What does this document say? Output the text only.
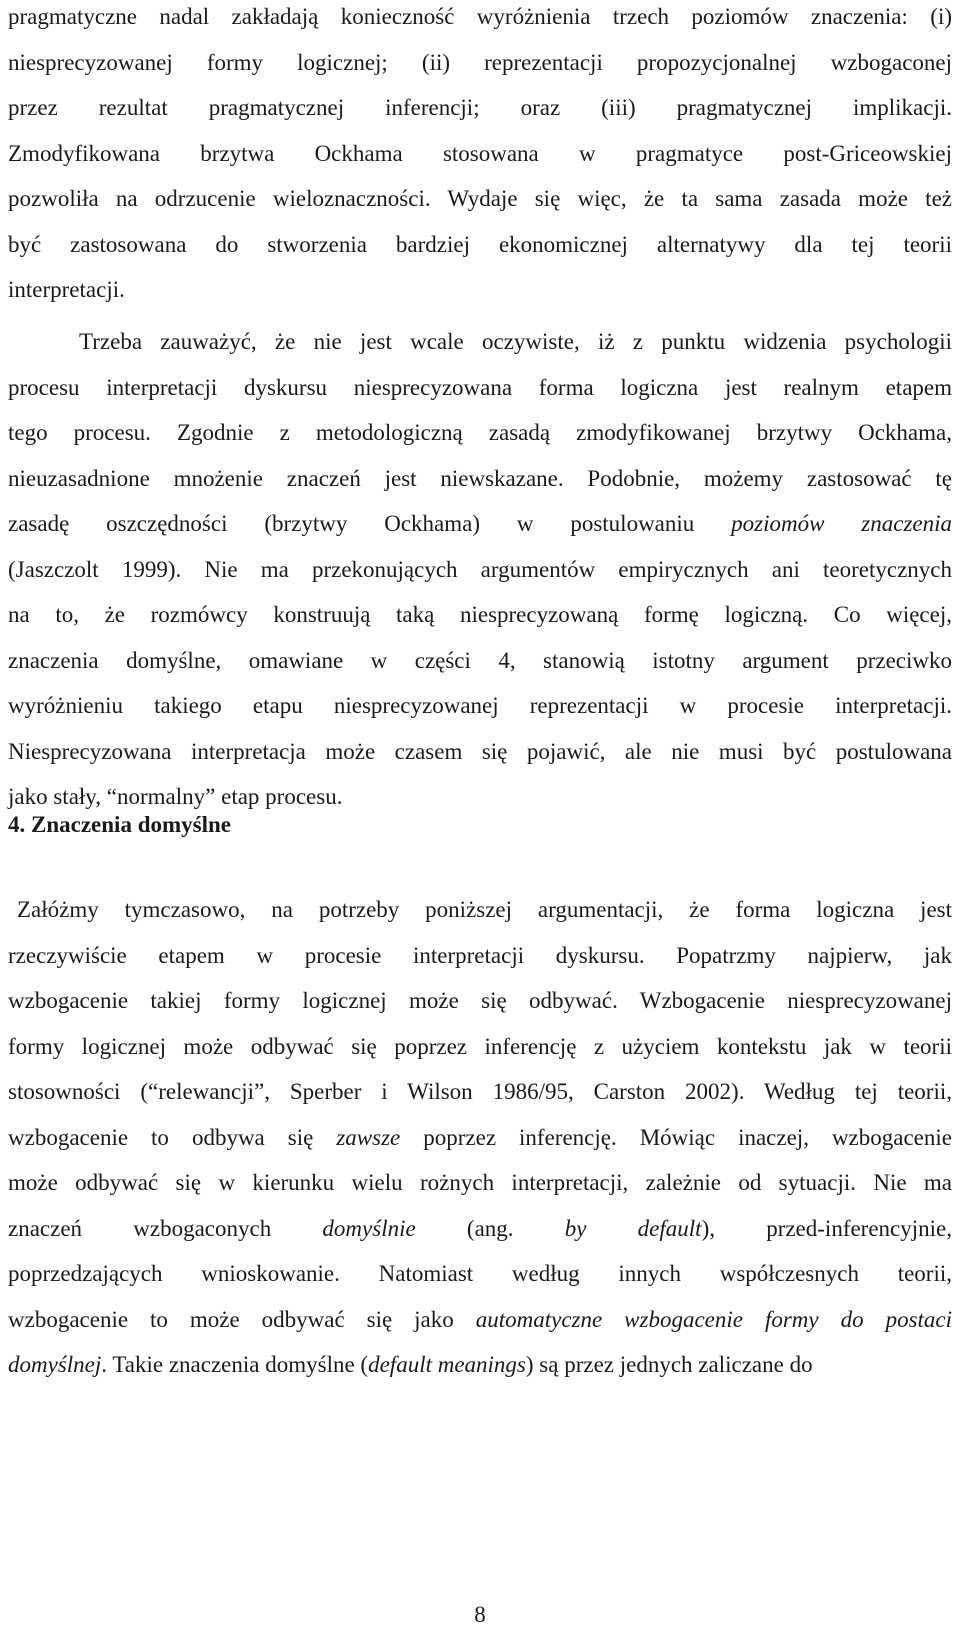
pragmatyczne nadal zakładają konieczność wyróżnienia trzech poziomów znaczenia: (i)
niesprecyzowanej formy logicznej; (ii) reprezentacji propozycjonalnej wzbogaconej
przez rezultat pragmatycznej inferencji; oraz (iii) pragmatycznej implikacji.
Zmodyfikowana brzytwa Ockhama stosowana w pragmatyce post-Griceowskiej
pozwoliła na odrzucenie wieloznaczności. Wydaje się więc, że ta sama zasada może też
być zastosowana do stworzenia bardziej ekonomicznej alternatywy dla tej teorii
interpretacji.
Trzeba zauważyć, że nie jest wcale oczywiste, iż z punktu widzenia psychologii
procesu interpretacji dyskursu niesprecyzowana forma logiczna jest realnym etapem
tego procesu. Zgodnie z metodologiczną zasadą zmodyfikowanej brzytwy Ockhama,
nieuzasadnione mnożenie znaczeń jest niewskazane. Podobnie, możemy zastosować tę
zasadę oszczędności (brzytwy Ockhama) w postulowaniu poziomów znaczenia
(Jaszczolt 1999). Nie ma przekonujących argumentów empirycznych ani teoretycznych
na to, że rozmówcy konstruują taką niesprecyzowaną formę logiczną. Co więcej,
znaczenia domyślne, omawiane w części 4, stanowią istotny argument przeciwko
wyróżnieniu takiego etapu niesprecyzowanej reprezentacji w procesie interpretacji.
Niesprecyzowana interpretacja może czasem się pojawić, ale nie musi być postulowana
jako stały, “normalny” etap procesu.
4. Znaczenia domyślne
Załóżmy tymczasowo, na potrzeby poniższej argumentacji, że forma logiczna jest
rzeczywiście etapem w procesie interpretacji dyskursu. Popatrzmy najpierw, jak
wzbogacenie takiej formy logicznej może się odbywać. Wzbogacenie niesprecyzowanej
formy logicznej może odbywać się poprzez inferencję z użyciem kontekstu jak w teorii
stosowności (“relewancji”, Sperber i Wilson 1986/95, Carston 2002). Według tej teorii,
wzbogacenie to odbywa się zawsze poprzez inferencję. Mówiąc inaczej, wzbogacenie
może odbywać się w kierunku wielu rożnych interpretacji, zależnie od sytuacji. Nie ma
znaczeń wzbogaconych domyślnie (ang. by default), przed-inferencyjnie,
poprzedzających wnioskowanie. Natomiast według innych współczesnych teorii,
wzbogacenie to może odbywać się jako automatyczne wzbogacenie formy do postaci
domyślnej. Takie znaczenia domyślne (default meanings) są przez jednych zaliczane do
8
